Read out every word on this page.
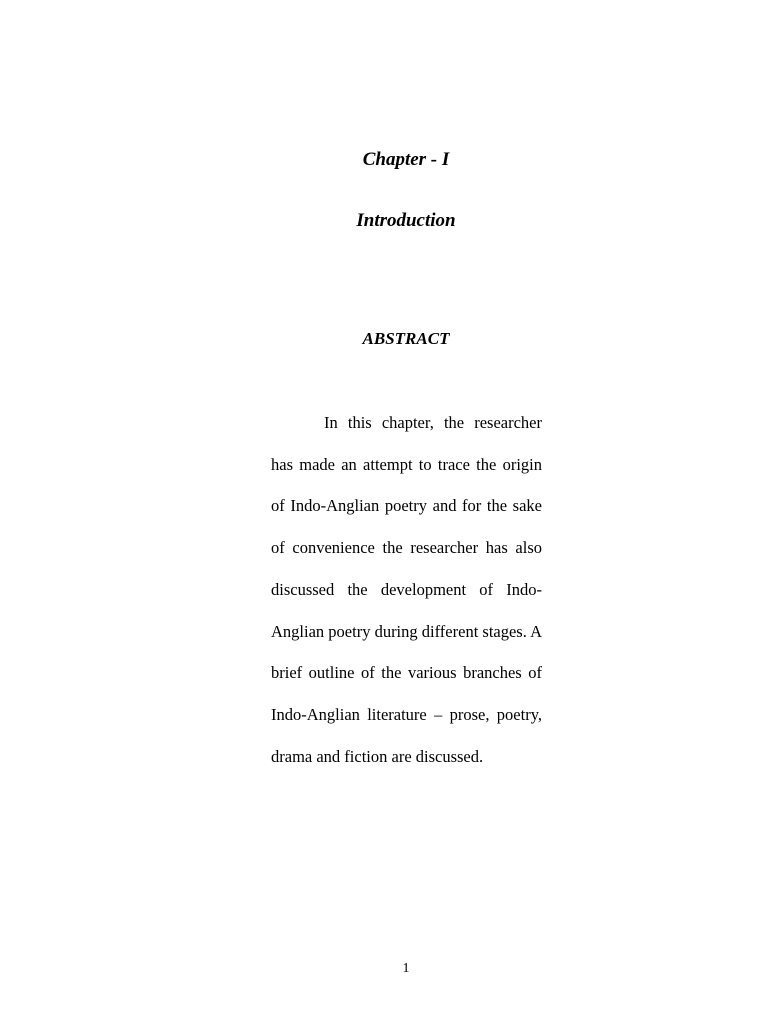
Chapter - I
Introduction
ABSTRACT

In this chapter, the researcher has made an attempt to trace the origin of Indo-Anglian poetry and for the sake of convenience the researcher has also discussed the development of Indo-Anglian poetry during different stages. A brief outline of the various branches of Indo-Anglian literature – prose, poetry, drama and fiction are discussed.

1
